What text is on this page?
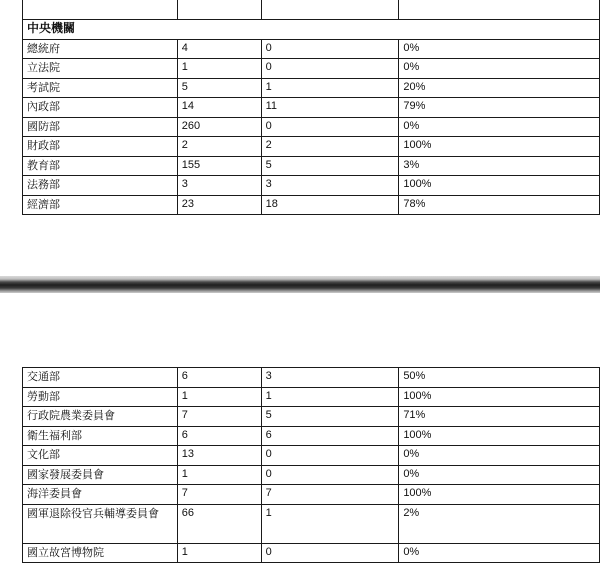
中央機關			
總統府	4	0	0%
立法院	1	0	0%
考試院	5	1	20%
內政部	14	11	79%
國防部	260	0	0%
財政部	2	2	100%
教育部	155	5	3%
法務部	3	3	100%
經濟部	23	18	78%
交通部	6	3	50%
勞動部	1	1	100%
行政院農業委員會	7	5	71%
衛生福利部	6	6	100%
文化部	13	0	0%
國家發展委員會	1	0	0%
海洋委員會	7	7	100%
國軍退除役官兵輔導委員會	66	1	2%
國立故宮博物院	1	0	0%
